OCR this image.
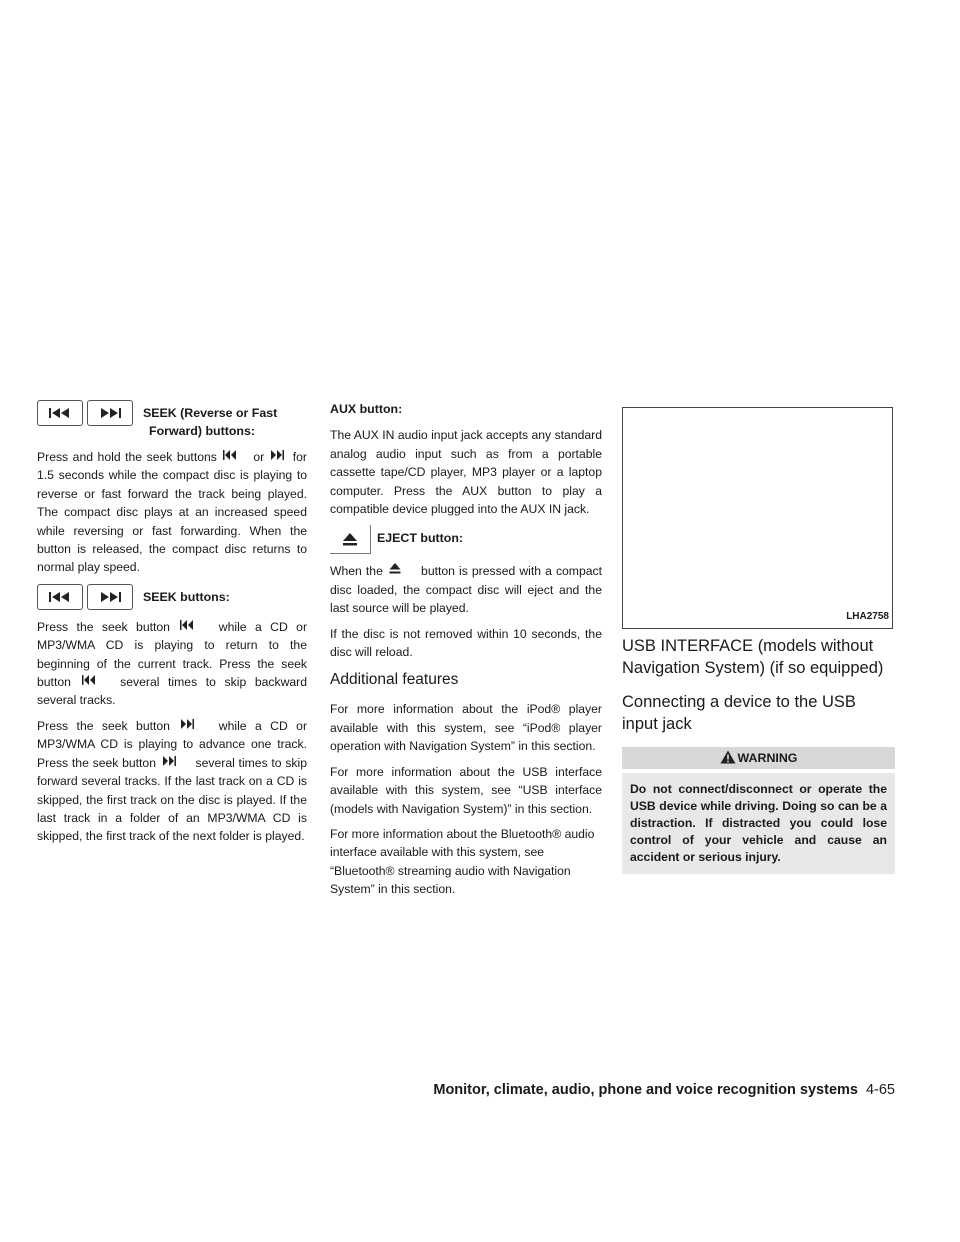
SEEK (Reverse or Fast
Forward) buttons:

Press and hold the seek buttons	or for 1.5 seconds while the compact disc is playing to reverse or fast forward the track being played. The compact disc plays at an increased speed while reversing or fast forwarding. When the button is released, the compact disc returns to normal play speed.

SEEK buttons:

Press the seek button	while a CD or MP3/WMA CD is playing to return to the beginning of the current track. Press the seek button	several times to skip backward several tracks.

Press the seek button	while a CD or MP3/WMA CD is playing to advance one track. Press the seek button	several times to skip forward several tracks. If the last track on a CD is skipped, the first track on the disc is played. If the last track in a folder of an MP3/WMA CD is skipped, the first track of the next folder is played.

AUX button:

The AUX IN audio input jack accepts any standard analog audio input such as from a portable cassette tape/CD player, MP3 player or a laptop computer. Press the AUX button to play a compatible device plugged into the AUX IN jack.

EJECT button:

When the	button is pressed with a compact disc loaded, the compact disc will eject and the last source will be played.

If the disc is not removed within 10 seconds, the disc will reload.

Additional features

For more information about the iPod® player available with this system, see “iPod® player operation with Navigation System” in this section.

For more information about the USB interface available with this system, see “USB interface (models with Navigation System)” in this section.

For more information about the Bluetooth® audio interface available with this system, see “Bluetooth® streaming audio with Navigation System” in this section.

LHA2758
USB INTERFACE (models without Navigation System) (if so equipped)
Connecting a device to the USB input jack
WARNING
Do not connect/disconnect or operate the USB device while driving. Doing so can be a distraction. If distracted you could lose control of your vehicle and cause an accident or serious injury.
Monitor, climate, audio, phone and voice recognition systems 4-65
